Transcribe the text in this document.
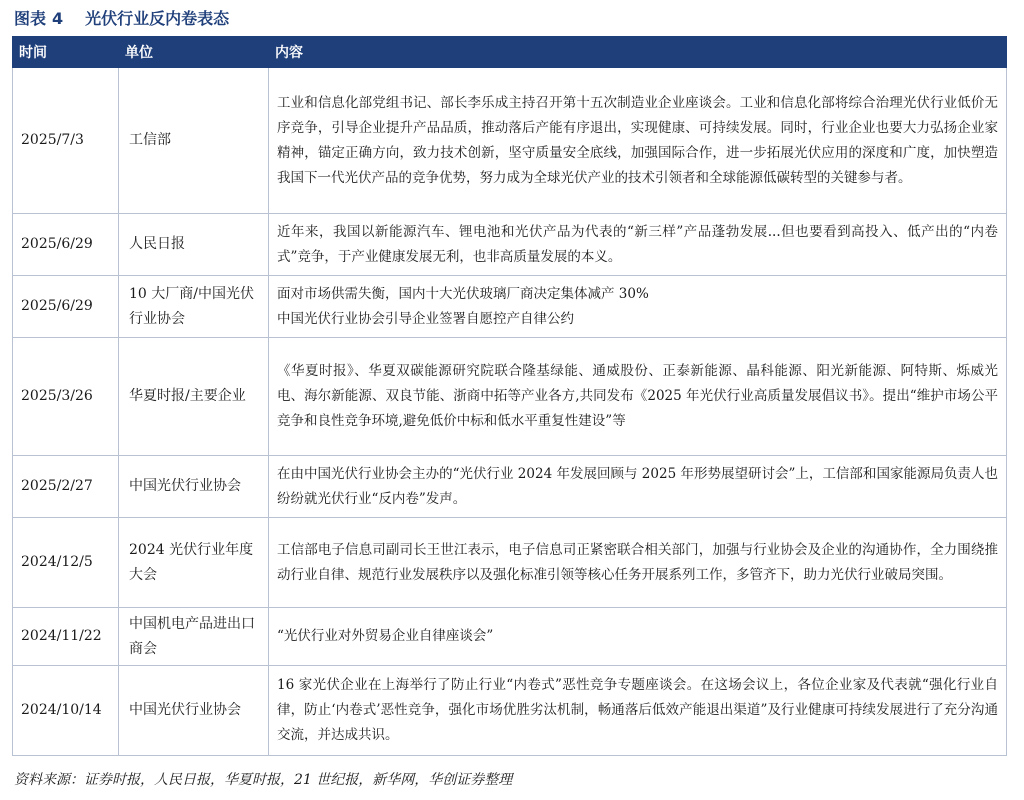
图表 4 光伏行业反内卷表态
时间	单位	内容
2025/7/3	工信部	工业和信息化部党组书记、部长李乐成主持召开第十五次制造业企业座谈会。工业和信息化部将综合治理光伏行业低价无序竞争，引导企业提升产品品质，推动落后产能有序退出，实现健康、可持续发展。同时，行业企业也要大力弘扬企业家精神，锚定正确方向，致力技术创新，坚守质量安全底线，加强国际合作，进一步拓展光伏应用的深度和广度，加快塑造我国下一代光伏产品的竞争优势，努力成为全球光伏产业的技术引领者和全球能源低碳转型的关键参与者。
2025/6/29	人民日报	近年来，我国以新能源汽车、锂电池和光伏产品为代表的“新三样”产品蓬勃发展...但也要看到高投入、低产出的“内卷式”竞争，于产业健康发展无利，也非高质量发展的本义。
2025/6/29	10 大厂商/中国光伏行业协会	面对市场供需失衡，国内十大光伏玻璃厂商决定集体减产 30%
中国光伏行业协会引导企业签署自愿控产自律公约

2025/3/26	华夏时报/主要企业	《华夏时报》、华夏双碳能源研究院联合隆基绿能、通威股份、正泰新能源、晶科能源、阳光新能源、阿特斯、烁威光电、海尔新能源、双良节能、浙商中拓等产业各方,共同发布《2025 年光伏行业高质量发展倡议书》。提出“维护市场公平竞争和良性竞争环境,避免低价中标和低水平重复性建设”等
2025/2/27	中国光伏行业协会	在由中国光伏行业协会主办的“光伏行业 2024 年发展回顾与 2025 年形势展望研讨会”上，工信部和国家能源局负责人也纷纷就光伏行业“反内卷”发声。
2024/12/5	2024 光伏行业年度大会	工信部电子信息司副司长王世江表示，电子信息司正紧密联合相关部门，加强与行业协会及企业的沟通协作，全力围绕推动行业自律、规范行业发展秩序以及强化标准引领等核心任务开展系列工作，多管齐下，助力光伏行业破局突围。
2024/11/22	中国机电产品进出口商会	“光伏行业对外贸易企业自律座谈会”
2024/10/14	中国光伏行业协会	16 家光伏企业在上海举行了防止行业“内卷式”恶性竞争专题座谈会。在这场会议上，各位企业家及代表就“强化行业自律，防止‘内卷式’恶性竞争，强化市场优胜劣汰机制，畅通落后低效产能退出渠道”及行业健康可持续发展进行了充分沟通交流，并达成共识。
资料来源：证券时报，人民日报，华夏时报，21 世纪报，新华网，华创证券整理
